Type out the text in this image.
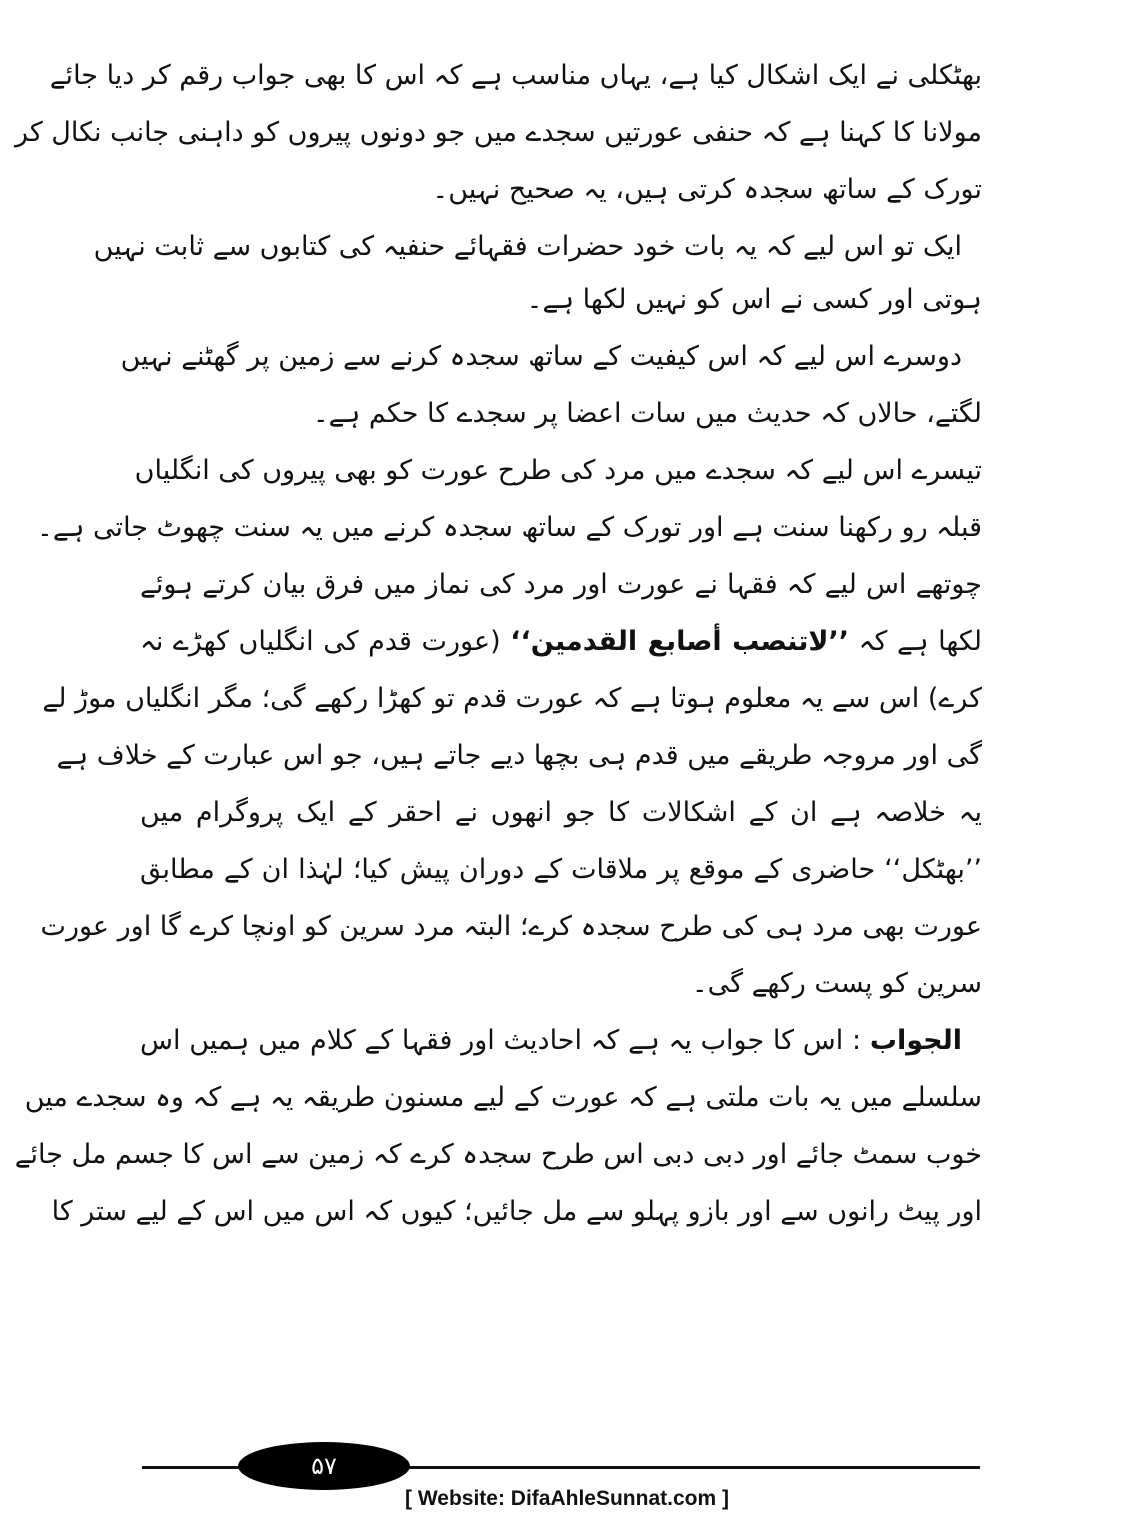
بھٹکلی نے ایک اشکال کیا ہے، یہاں مناسب ہے کہ اس کا بھی جواب رقم کر دیا جائے
مولانا کا کہنا ہے کہ حنفی عورتیں سجدے میں جو دونوں پیروں کو داہنی جانب نکال کر
تورک کے ساتھ سجدہ کرتی ہیں، یہ صحیح نہیں۔
ایک تو اس لیے کہ یہ بات خود حضرات فقہائے حنفیہ کی کتابوں سے ثابت نہیں
ہوتی اور کسی نے اس کو نہیں لکھا ہے۔
دوسرے اس لیے کہ اس کیفیت کے ساتھ سجدہ کرنے سے زمین پر گھٹنے نہیں
لگتے، حالاں کہ حدیث میں سات اعضا پر سجدے کا حکم ہے۔
تیسرے اس لیے کہ سجدے میں مرد کی طرح عورت کو بھی پیروں کی انگلیاں
قبلہ رو رکھنا سنت ہے اور تورک کے ساتھ سجدہ کرنے میں یہ سنت چھوٹ جاتی ہے۔
چوتھے اس لیے کہ فقہا نے عورت اور مرد کی نماز میں فرق بیان کرتے ہوئے
لکھا ہے کہ ’’لاتنصب أصابع القدمين‘‘ (عورت قدم کی انگلیاں کھڑے نہ
کرے) اس سے یہ معلوم ہوتا ہے کہ عورت قدم تو کھڑا رکھے گی؛ مگر انگلیاں موڑ لے
گی اور مروجہ طریقے میں قدم ہی بچھا دیے جاتے ہیں، جو اس عبارت کے خلاف ہے
یہ خلاصہ ہے ان کے اشکالات کا جو انھوں نے احقر کے ایک پروگرام میں
’’بھٹکل‘‘ حاضری کے موقع پر ملاقات کے دوران پیش کیا؛ لہٰذا ان کے مطابق
عورت بھی مرد ہی کی طرح سجدہ کرے؛ البتہ مرد سرین کو اونچا کرے گا اور عورت
سرین کو پست رکھے گی۔
الجواب : اس کا جواب یہ ہے کہ احادیث اور فقہا کے کلام میں ہمیں اس
سلسلے میں یہ بات ملتی ہے کہ عورت کے لیے مسنون طریقہ یہ ہے کہ وہ سجدے میں
خوب سمٹ جائے اور دبی دبی اس طرح سجدہ کرے کہ زمین سے اس کا جسم مل جائے
اور پیٹ رانوں سے اور بازو پہلو سے مل جائیں؛ کیوں کہ اس میں اس کے لیے ستر کا
۵۷
[ Website: DifaAhleSunnat.com ]
